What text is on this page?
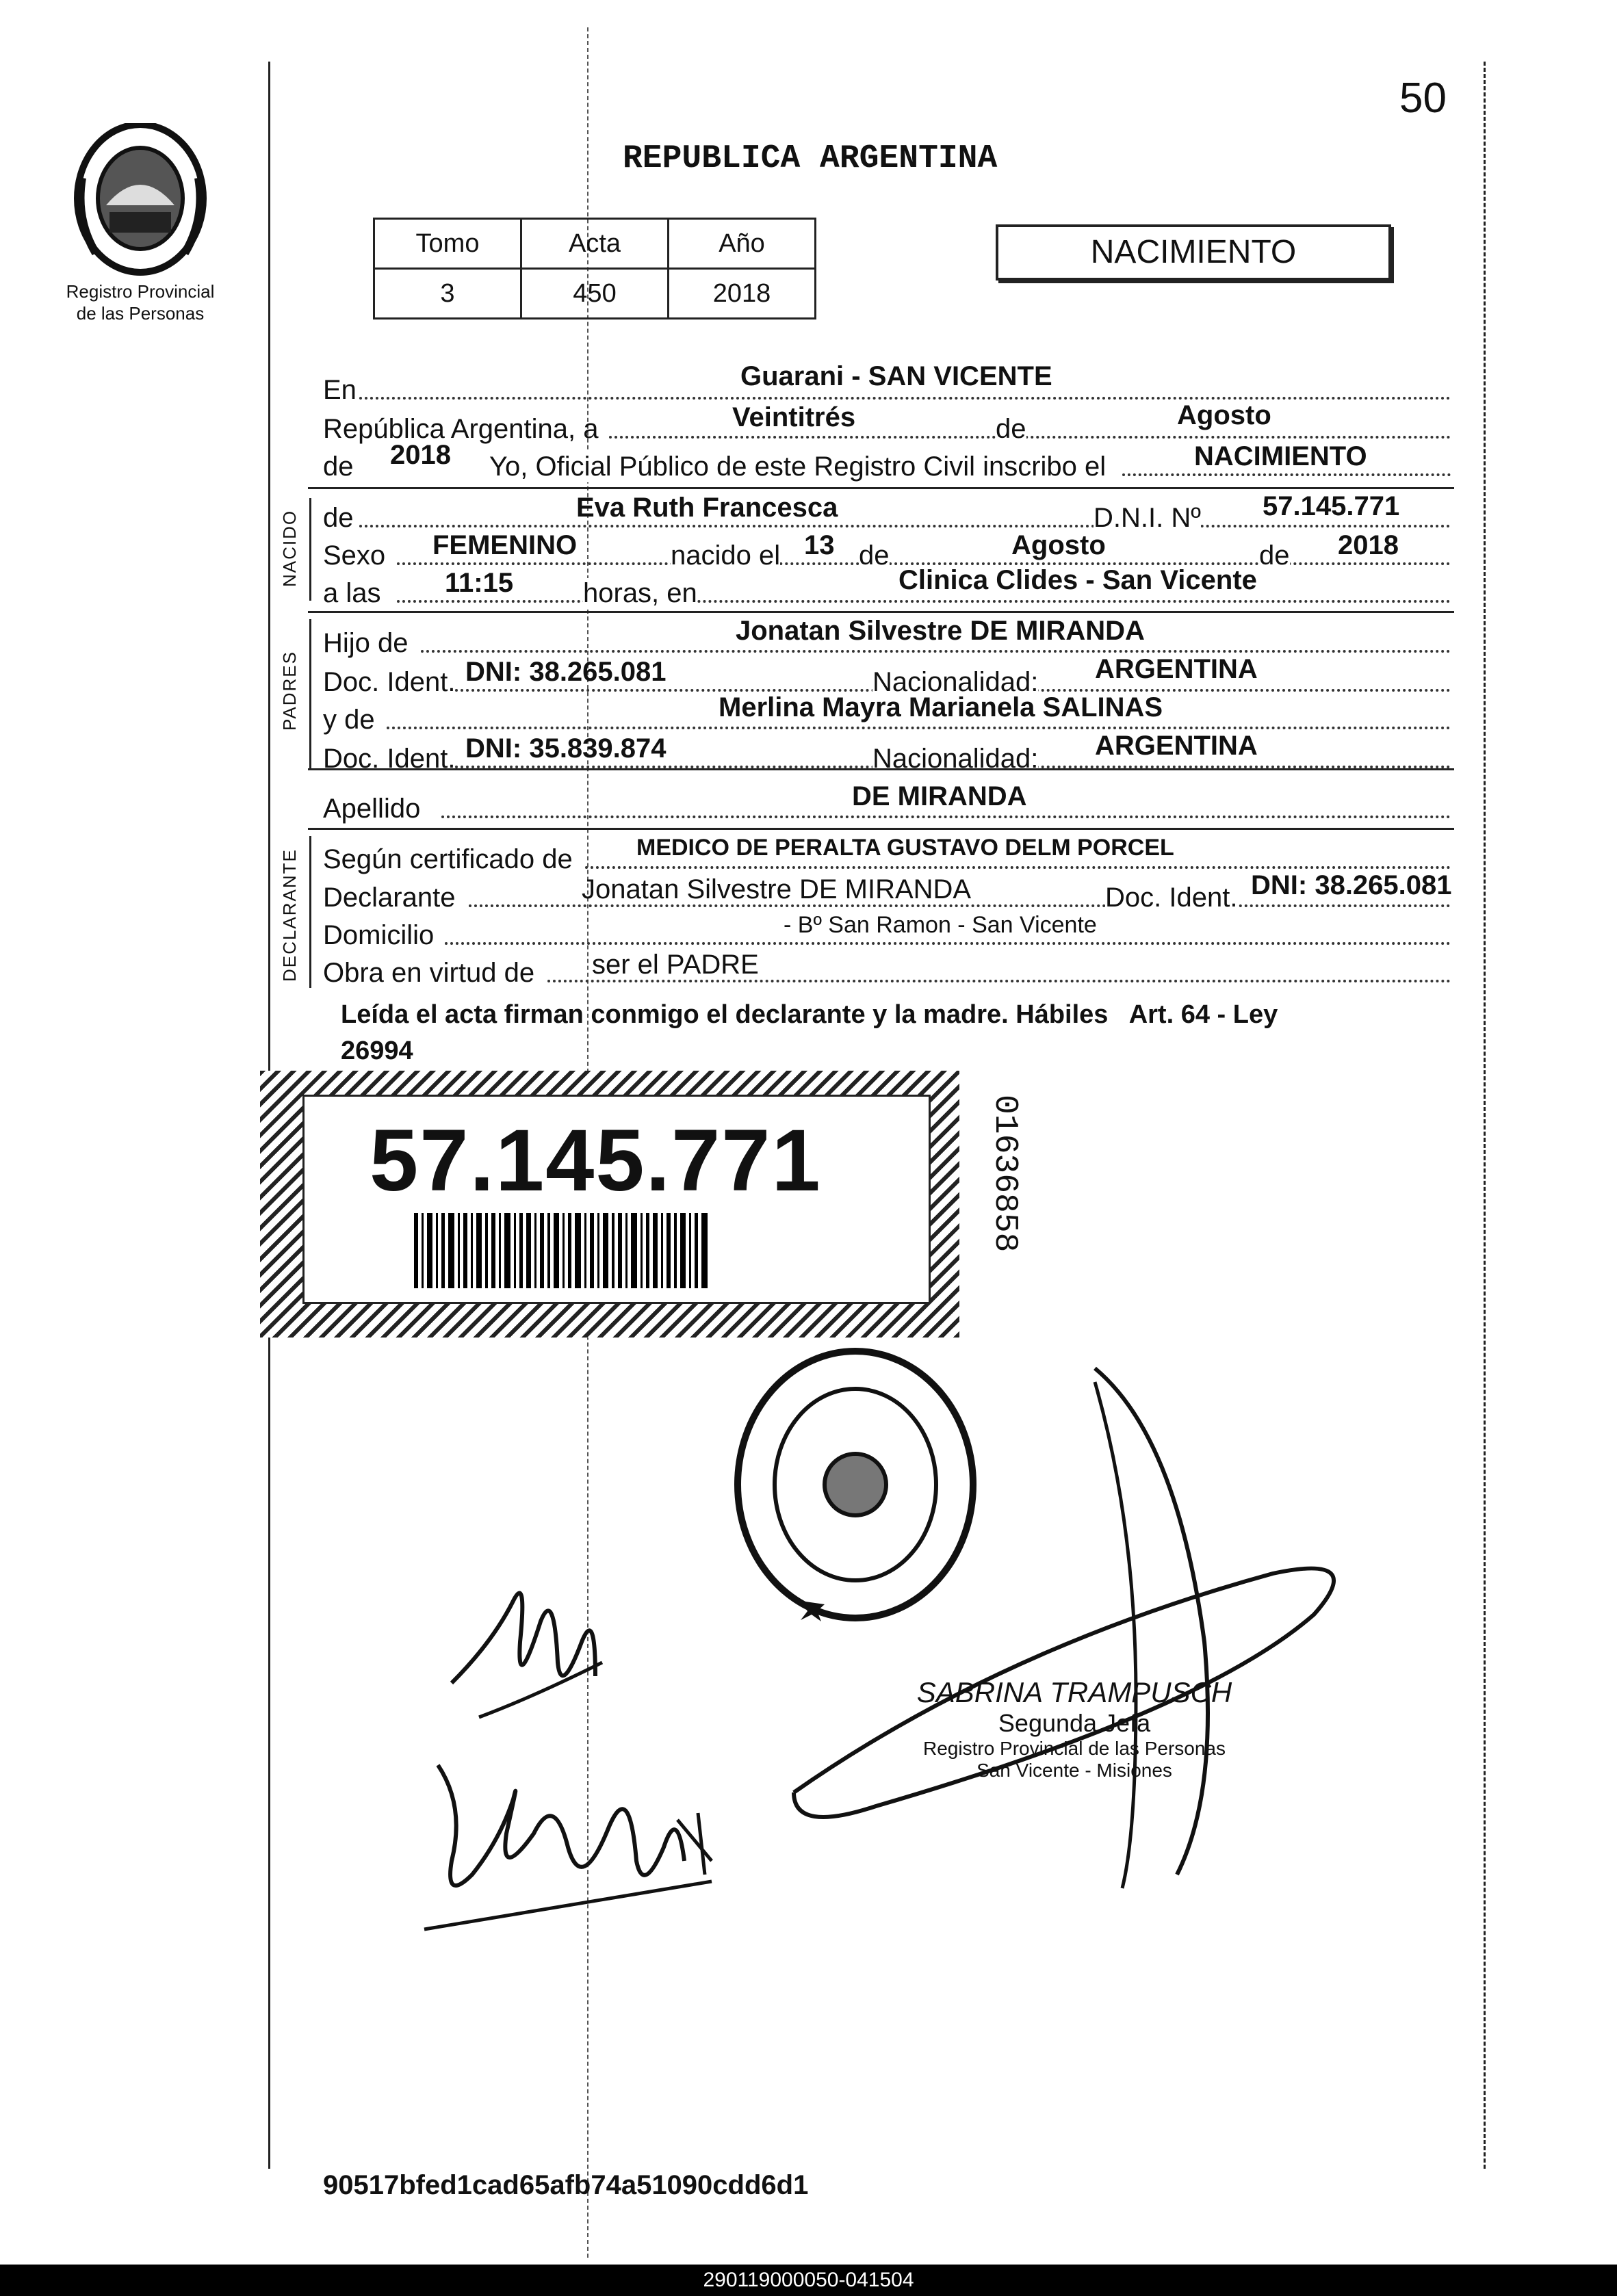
50
Registro Provincial
de las Personas
REPUBLICA ARGENTINA
Tomo	Acta	Año
3	450	2018
NACIMIENTO
En	Guarani - SAN VICENTE
República Argentina, a	Veintitrés	de	Agosto
de 2018 Yo, Oficial Público de este Registro Civil inscribo el	NACIMIENTO
NACIDO de	Eva Ruth Francesca	D.N.I. Nº 57.145.771
Sexo FEMENINO	nacido el 13 de	Agosto	de 2018
a las 11:15	horas, en	Clinica Clides - San Vicente
PADRES
Hijo de	Jonatan Silvestre DE MIRANDA
Doc. Ident. DNI: 38.265.081	Nacionalidad: ARGENTINA
y de	Merlina Mayra Marianela SALINAS
Doc. Ident. DNI: 35.839.874	Nacionalidad: ARGENTINA
Apellido	DE MIRANDA
DECLARANTE Según certificado de	MEDICO DE PERALTA GUSTAVO DELM PORCEL
Declarante	Jonatan Silvestre DE MIRANDA	Doc. Ident. DNI: 38.265.081
Domicilio	- Bº San Ramon - San Vicente
Obra en virtud de ser el PADRE
Leída el acta firman conmigo el declarante y la madre. Hábiles   Art. 64 - Ley
26994
57.145.771	01636858
SABRINA TRAMPUSCH
Segunda Jefa
Registro Provincial de las Personas
San Vicente - Misiones
90517bfed1cad65afb74a51090cdd6d1
290119000050-041504
